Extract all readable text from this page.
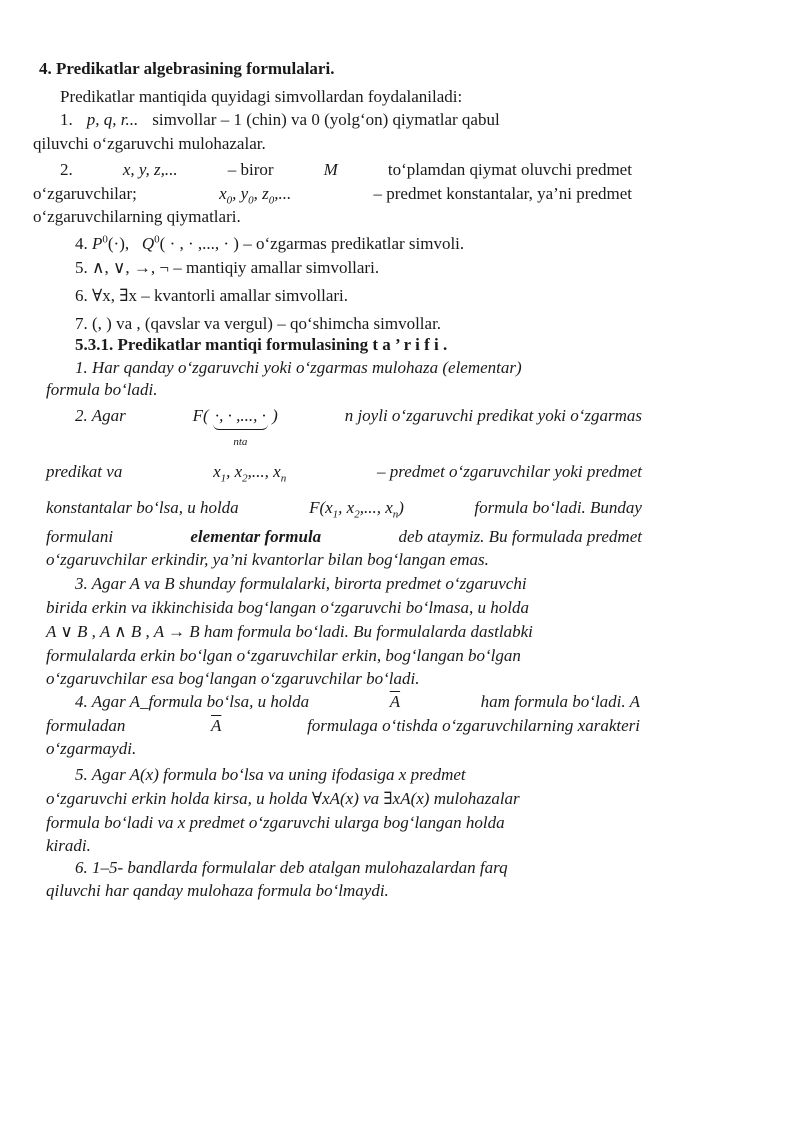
4. Predikatlar algebrasining formulalari.
Predikatlar mantiqida quyidagi simvollardan foydalaniladi:
1. p, q, r... simvollar – 1 (chin) va 0 (yolg‘on) qiymatlar qabul
qiluvchi o‘zgaruvchi mulohazalar.
2.	x, y, z,...	– biror	M	to‘plamdan qiymat oluvchi predmet
o‘zgaruvchilar;	$x_0$, $y_0$, $z_0$,...	– predmet konstantalar, ya’ni predmet
o‘zgaruvchilarning qiymatlari.
4. $P^0(\cdot)$,   $Q^0$( · , · ,..., · ) – o‘zgarmas predikatlar simvoli.
5. ∧, ∨, →, ¬ – mantiqiy amallar simvollari.
6. ∀x, ∃x – kvantorli amallar simvollari.
7. (, ) va , (qavslar va vergul) – qo‘shimcha simvollar.
5.3.1. Predikatlar mantiqi formulasining t a ’ r i f i .
1. Har qanday o‘zgaruvchi yoki o‘zgarmas mulohaza (elementar)
formula bo‘ladi.
2. Agar	F( ·, · ,..., ·
nta
)	n joyli o‘zgaruvchi predikat yoki o‘zgarmas
predikat va	$x_1$, $x_2$,..., $x_n$	– predmet o‘zgaruvchilar yoki predmet
konstantalar bo‘lsa, u holda	$F(x_1$, $x_2$,..., $x_n$)	formula bo‘ladi. Bunday
formulani	elementar formula	deb ataymiz. Bu formulada predmet
o‘zgaruvchilar erkindir, ya’ni kvantorlar bilan bog‘langan emas.
3. Agar A va B shunday formulalarki, birorta predmet o‘zgaruvchi
birida erkin va ikkinchisida bog‘langan o‘zgaruvchi bo‘lmasa, u holda
A ∨ B , A ∧ B , A → B ham formula bo‘ladi. Bu formulalarda dastlabki
formulalarda erkin bo‘lgan o‘zgaruvchilar erkin, bog‘langan bo‘lgan
o‘zgaruvchilar esa bog‘langan o‘zgaruvchilar bo‘ladi.
4. Agar A_formula bo‘lsa, u holda	$\overline{A}$	ham formula bo‘ladi. A
formuladan	$\overline{A}$	formulaga o‘tishda o‘zgaruvchilarning xarakteri
o‘zgarmaydi.
5. Agar A(x) formula bo‘lsa va uning ifodasiga x predmet
o‘zgaruvchi erkin holda kirsa, u holda ∀xA(x) va ∃xA(x) mulohazalar
formula bo‘ladi va x predmet o‘zgaruvchi ularga bog‘langan holda
kiradi.
6. 1–5- bandlarda formulalar deb atalgan mulohazalardan farq
qiluvchi har qanday mulohaza formula bo‘lmaydi.
